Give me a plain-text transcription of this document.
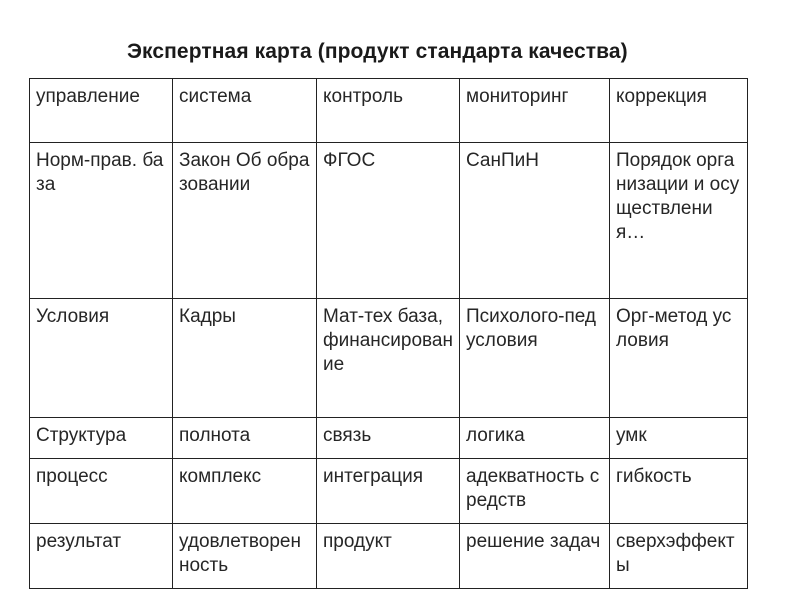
Экспертная карта (продукт стандарта качества)
управление	система	контроль	мониторинг	коррекция
Норм-прав. база	Закон Об образовании	ФГОС	СанПиН	Порядок организации и осуществления…
Условия	Кадры	Мат-тех база, финансирование	Психолого-пед условия	Орг-метод условия
Структура	полнота	связь	логика	умк
процесс	комплекс	интеграция	адекватность средств	гибкость
результат	удовлетворенность	продукт	решение задач	сверхэффекты
